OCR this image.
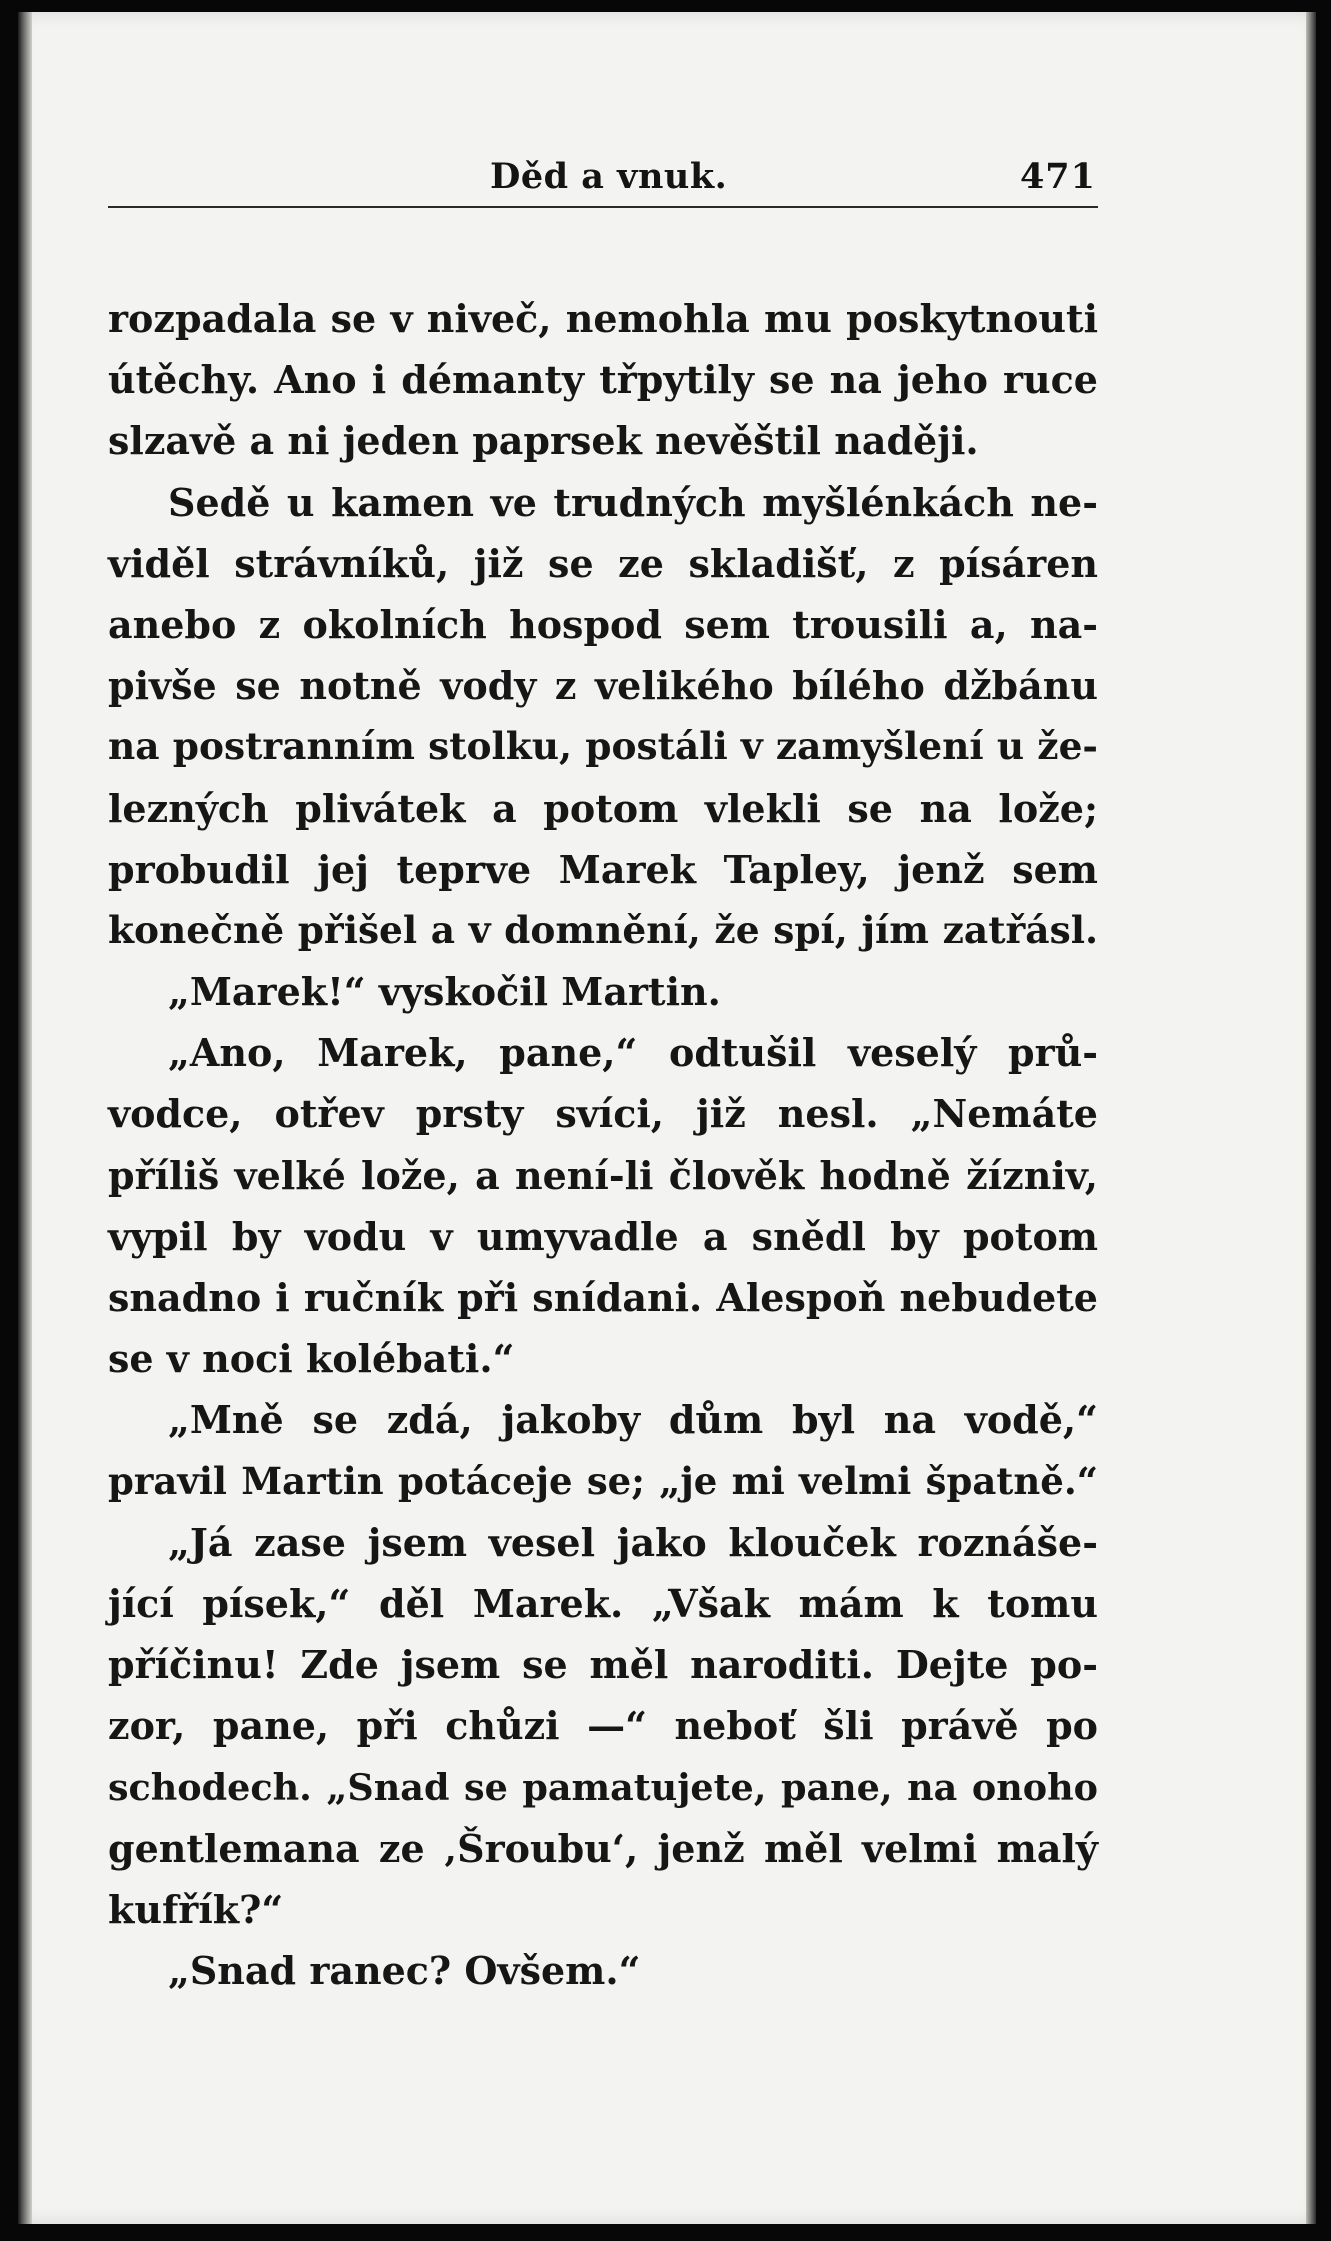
Děd a vnuk.	471
rozpadala se v niveč, nemohla mu poskytnouti
útěchy. Ano i démanty třpytily se na jeho ruce
slzavě a ni jeden paprsek nevěštil naději.
Sedě u kamen ve trudných myšlénkách ne-
viděl strávníků, již se ze skladišť, z písáren
anebo z okolních hospod sem trousili a, na-
pivše se notně vody z velikého bílého džbánu
na postranním stolku, postáli v zamyšlení u že-
lezných plivátek a potom vlekli se na lože;
probudil jej teprve Marek Tapley, jenž sem
konečně přišel a v domnění, že spí, jím zatřásl.
„Marek!“ vyskočil Martin.
„Ano, Marek, pane,“ odtušil veselý prů-
vodce, otřev prsty svíci, již nesl. „Nemáte
příliš velké lože, a není-li člověk hodně žízniv,
vypil by vodu v umyvadle a snědl by potom
snadno i ručník při snídani. Alespoň nebudete
se v noci kolébati.“
„Mně se zdá, jakoby dům byl na vodě,“
pravil Martin potáceje se; „je mi velmi špatně.“
„Já zase jsem vesel jako klouček roznáše-
jící písek,“ děl Marek. „Však mám k tomu
příčinu! Zde jsem se měl naroditi. Dejte po-
zor, pane, při chůzi —“ neboť šli právě po
schodech. „Snad se pamatujete, pane, na onoho
gentlemana ze ‚Šroubu‘, jenž měl velmi malý
kufřík?“
„Snad ranec? Ovšem.“
